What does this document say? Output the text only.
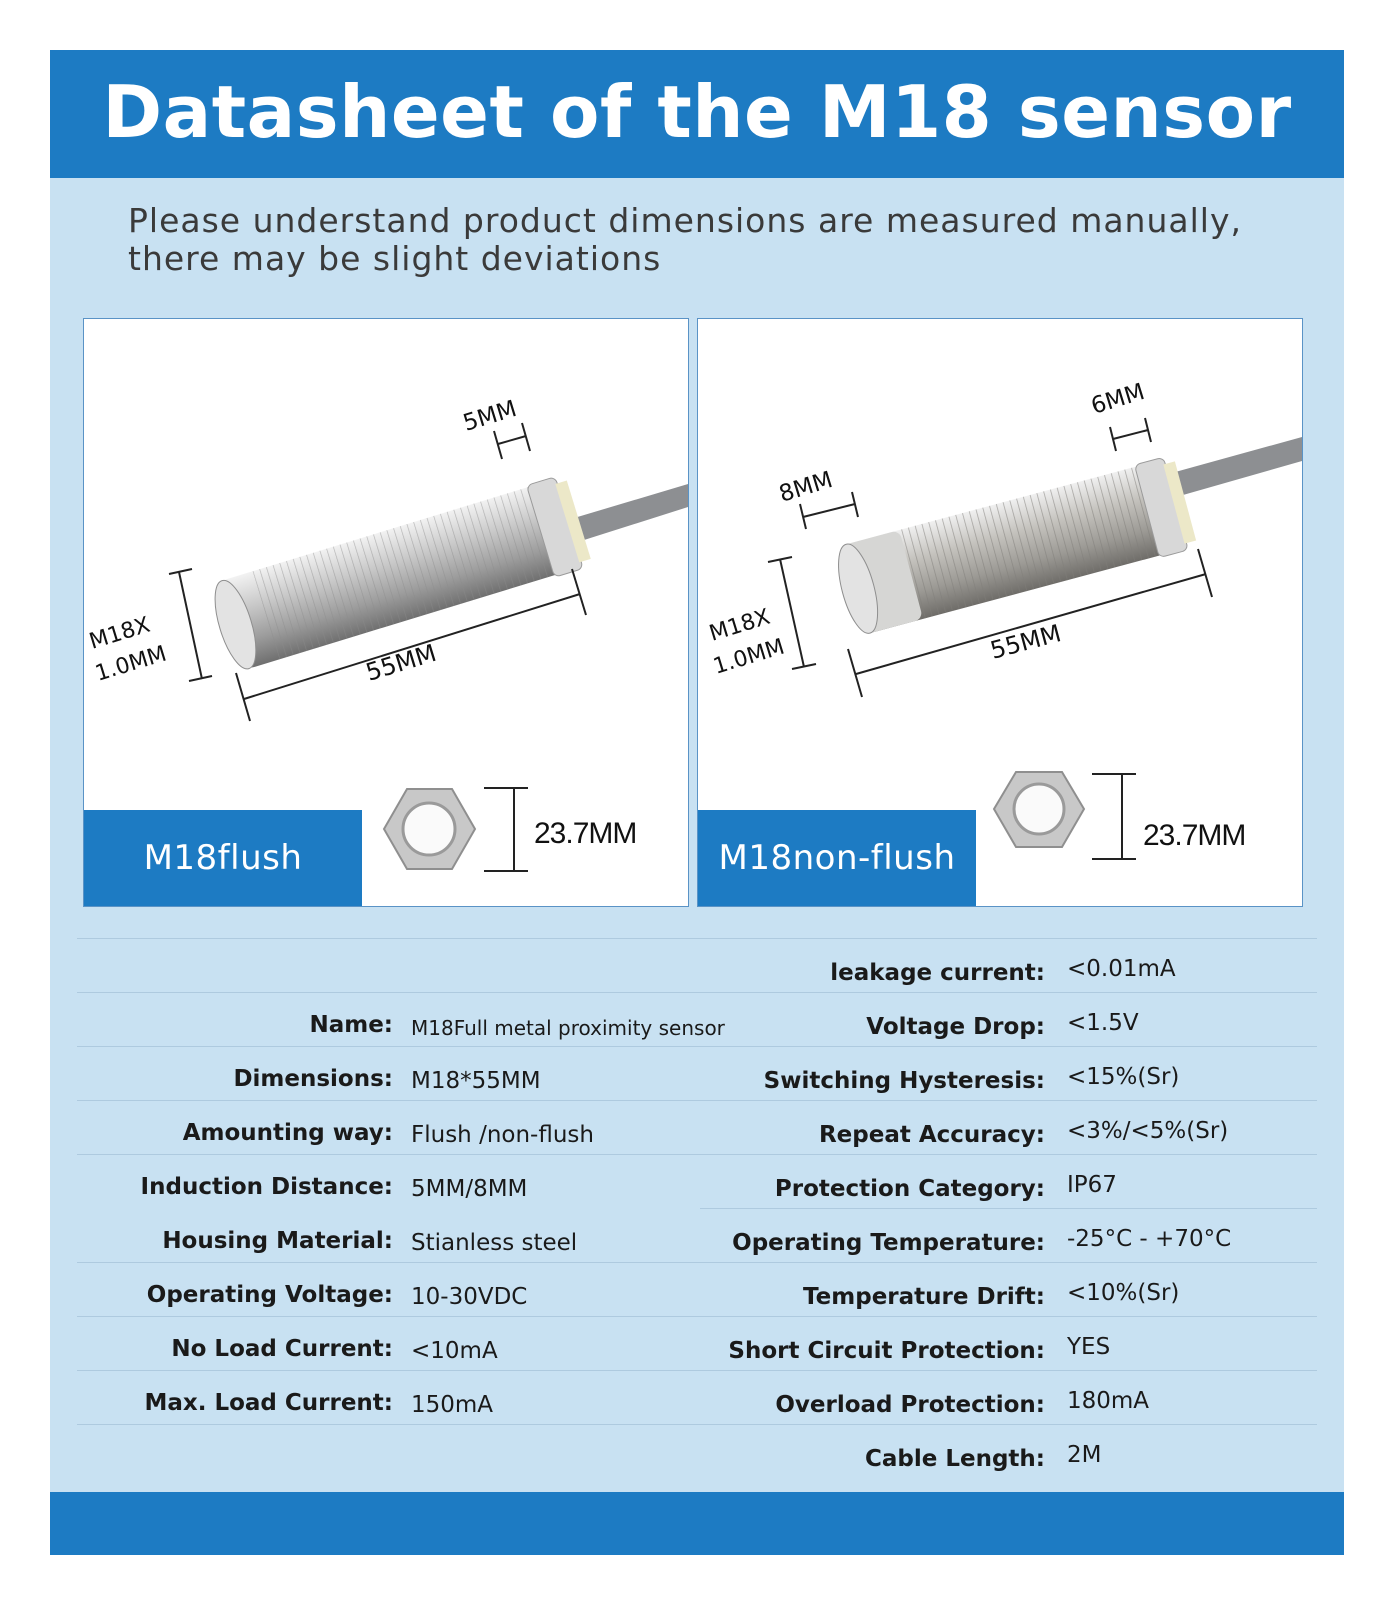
Datasheet of the M18 sensor
Please understand product dimensions are measured manually,
there may be slight deviations
M18X
1.0MM	55MM
5MM
23.7MM
M18flush
M18X
1.0MM	55MM
8MM
6MM
23.7MM
M18non-flush
Name: M18Full metal proximity sensor
Dimensions: M18*55MM
Amounting way: Flush /non-flush
Induction Distance: 5MM/8MM
Housing Material: Stianless steel
Operating Voltage: 10-30VDC
No Load Current: <10mA
Max. Load Current: 150mA
leakage current: <0.01mA
Voltage Drop: <1.5V
Switching Hysteresis: <15%(Sr)
Repeat Accuracy: <3%/<5%(Sr)
Protection Category: IP67
Operating Temperature: -25°C - +70°C
Temperature Drift: <10%(Sr)
Short Circuit Protection: YES
Overload Protection: 180mA
Cable Length: 2M
